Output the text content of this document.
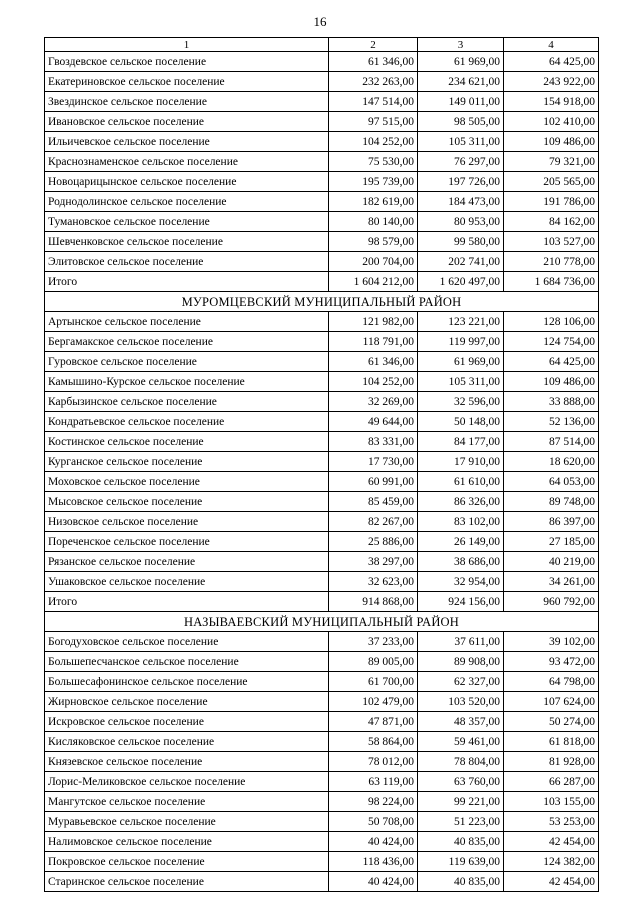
16
1	2	3	4
Гвоздевское сельское поселение	61 346,00	61 969,00	64 425,00
Екатериновское сельское поселение	232 263,00	234 621,00	243 922,00
Звездинское сельское поселение	147 514,00	149 011,00	154 918,00
Ивановское сельское поселение	97 515,00	98 505,00	102 410,00
Ильичевское сельское поселение	104 252,00	105 311,00	109 486,00
Краснознаменское сельское поселение	75 530,00	76 297,00	79 321,00
Новоцарицынское сельское поселение	195 739,00	197 726,00	205 565,00
Роднодолинское сельское поселение	182 619,00	184 473,00	191 786,00
Тумановское сельское поселение	80 140,00	80 953,00	84 162,00
Шевченковское сельское поселение	98 579,00	99 580,00	103 527,00
Элитовское сельское поселение	200 704,00	202 741,00	210 778,00
Итого	1 604 212,00	1 620 497,00	1 684 736,00
МУРОМЦЕВСКИЙ МУНИЦИПАЛЬНЫЙ РАЙОН			
Артынское сельское поселение	121 982,00	123 221,00	128 106,00
Бергамакское сельское поселение	118 791,00	119 997,00	124 754,00
Гуровское сельское поселение	61 346,00	61 969,00	64 425,00
Камышино-Курское сельское поселение	104 252,00	105 311,00	109 486,00
Карбызинское сельское поселение	32 269,00	32 596,00	33 888,00
Кондратьевское сельское поселение	49 644,00	50 148,00	52 136,00
Костинское сельское поселение	83 331,00	84 177,00	87 514,00
Курганское сельское поселение	17 730,00	17 910,00	18 620,00
Моховское сельское поселение	60 991,00	61 610,00	64 053,00
Мысовское сельское поселение	85 459,00	86 326,00	89 748,00
Низовское сельское поселение	82 267,00	83 102,00	86 397,00
Пореченское сельское поселение	25 886,00	26 149,00	27 185,00
Рязанское сельское поселение	38 297,00	38 686,00	40 219,00
Ушаковское сельское поселение	32 623,00	32 954,00	34 261,00
Итого	914 868,00	924 156,00	960 792,00
НАЗЫВАЕВСКИЙ МУНИЦИПАЛЬНЫЙ РАЙОН			
Богодуховское сельское поселение	37 233,00	37 611,00	39 102,00
Большепесчанское сельское поселение	89 005,00	89 908,00	93 472,00
Большесафонинское сельское поселение	61 700,00	62 327,00	64 798,00
Жирновское сельское поселение	102 479,00	103 520,00	107 624,00
Искровское сельское поселение	47 871,00	48 357,00	50 274,00
Кисляковское сельское поселение	58 864,00	59 461,00	61 818,00
Князевское сельское поселение	78 012,00	78 804,00	81 928,00
Лорис-Меликовское сельское поселение	63 119,00	63 760,00	66 287,00
Мангутское сельское поселение	98 224,00	99 221,00	103 155,00
Муравьевское сельское поселение	50 708,00	51 223,00	53 253,00
Налимовское сельское поселение	40 424,00	40 835,00	42 454,00
Покровское сельское поселение	118 436,00	119 639,00	124 382,00
Старинское сельское поселение	40 424,00	40 835,00	42 454,00
